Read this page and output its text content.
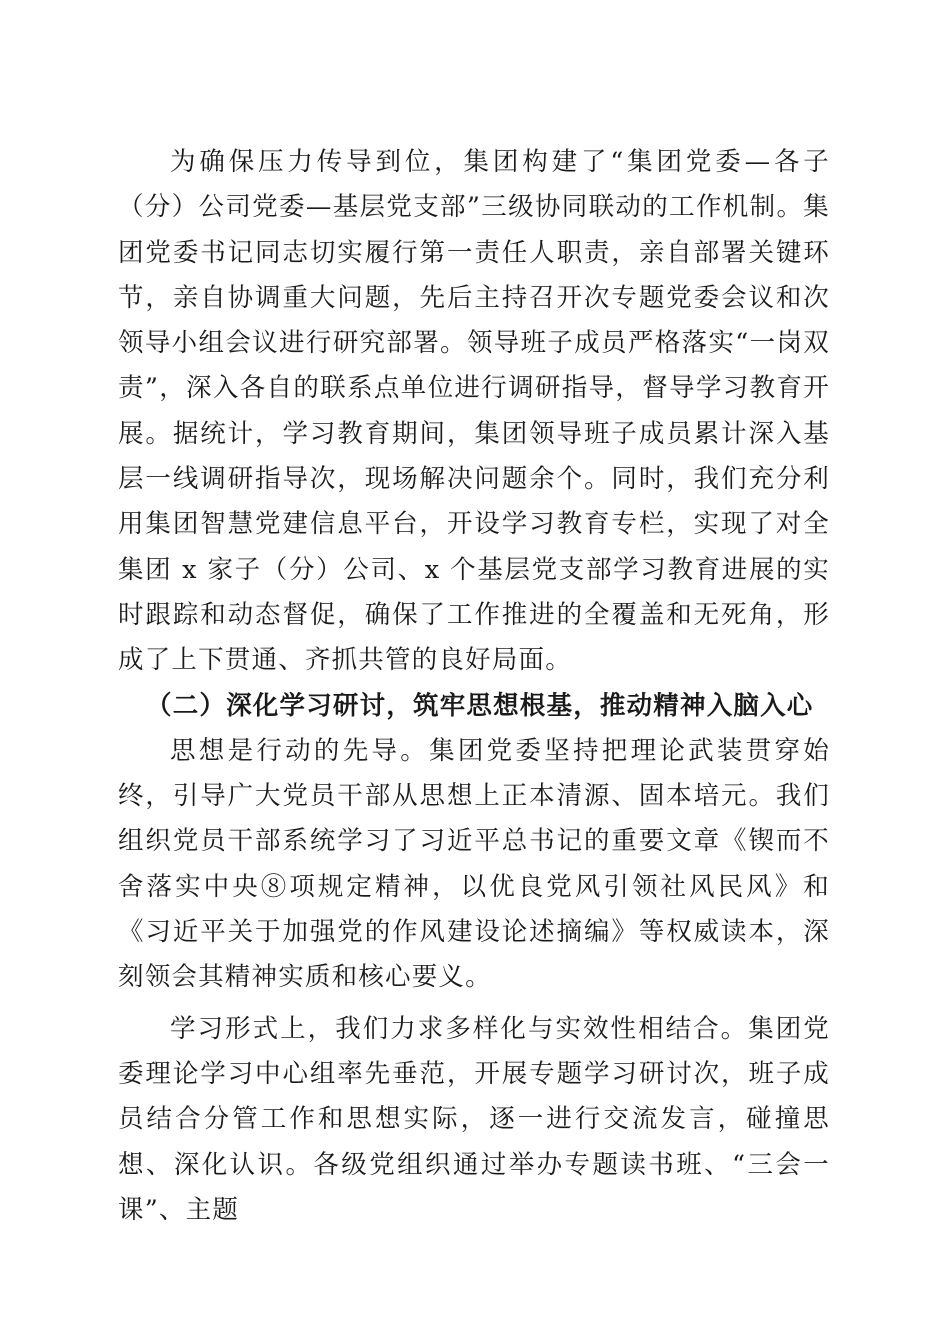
为确保压力传导到位，集团构建了“集团党委—各子（分）公司党委—基层党支部”三级协同联动的工作机制。集团党委书记同志切实履行第一责任人职责，亲自部署关键环节，亲自协调重大问题，先后主持召开次专题党委会议和次领导小组会议进行研究部署。领导班子成员严格落实“一岗双责”，深入各自的联系点单位进行调研指导，督导学习教育开展。据统计，学习教育期间，集团领导班子成员累计深入基层一线调研指导次，现场解决问题余个。同时，我们充分利用集团智慧党建信息平台，开设学习教育专栏，实现了对全集团 x 家子（分）公司、x 个基层党支部学习教育进展的实时跟踪和动态督促，确保了工作推进的全覆盖和无死角，形成了上下贯通、齐抓共管的良好局面。

（二）深化学习研讨，筑牢思想根基，推动精神入脑入心

思想是行动的先导。集团党委坚持把理论武装贯穿始终，引导广大党员干部从思想上正本清源、固本培元。我们组织党员干部系统学习了习近平总书记的重要文章《锲而不舍落实中央⑧项规定精神，以优良党风引领社风民风》和《习近平关于加强党的作风建设论述摘编》等权威读本，深刻领会其精神实质和核心要义。

学习形式上，我们力求多样化与实效性相结合。集团党委理论学习中心组率先垂范，开展专题学习研讨次，班子成员结合分管工作和思想实际，逐一进行交流发言，碰撞思想、深化认识。各级党组织通过举办专题读书班、“三会一课”、主题
